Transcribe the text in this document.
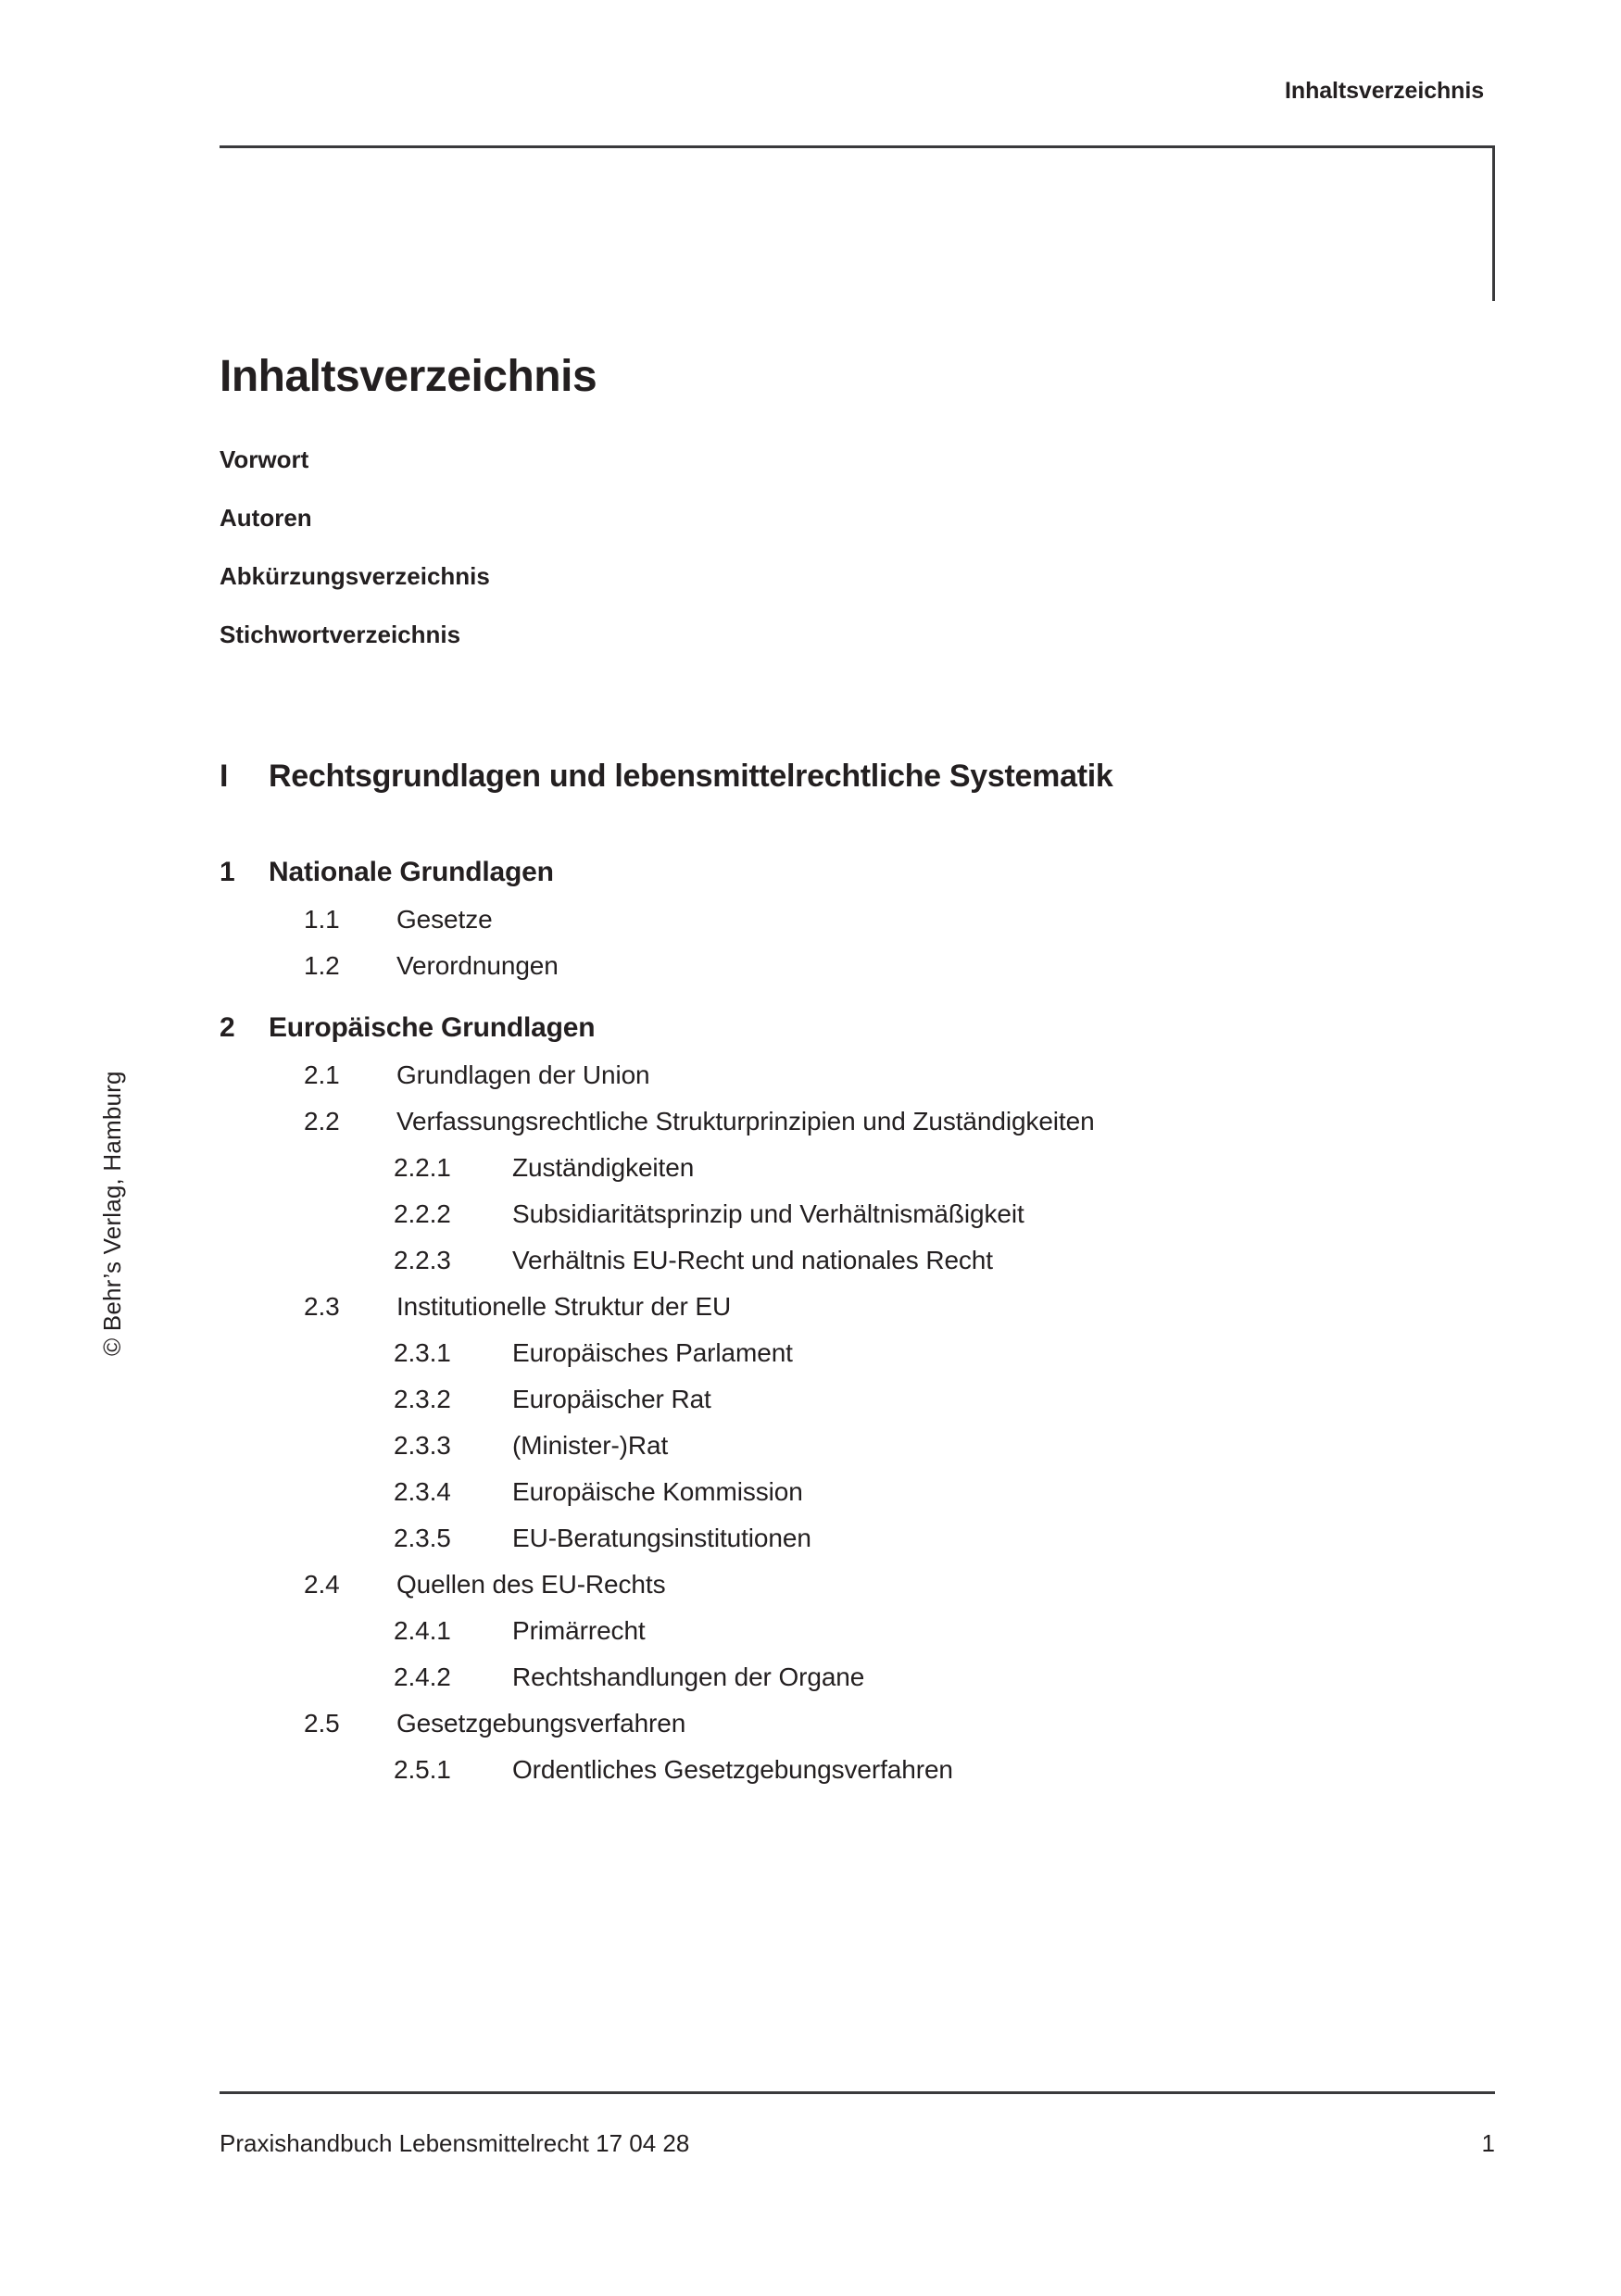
Inhaltsverzeichnis
© Behr’s Verlag, Hamburg
Inhaltsverzeichnis
Vorwort
Autoren
Abkürzungsverzeichnis
Stichwortverzeichnis
I	Rechtsgrundlagen und lebensmittelrechtliche Systematik
1	Nationale Grundlagen
1.1	Gesetze
1.2	Verordnungen
2	Europäische Grundlagen
2.1	Grundlagen der Union
2.2	Verfassungsrechtliche Strukturprinzipien und Zuständigkeiten
2.2.1	Zuständigkeiten
2.2.2	Subsidiaritätsprinzip und Verhältnismäßigkeit
2.2.3	Verhältnis EU-Recht und nationales Recht
2.3	Institutionelle Struktur der EU
2.3.1	Europäisches Parlament
2.3.2	Europäischer Rat
2.3.3	(Minister-)Rat
2.3.4	Europäische Kommission
2.3.5	EU-Beratungsinstitutionen
2.4	Quellen des EU-Rechts
2.4.1	Primärrecht
2.4.2	Rechtshandlungen der Organe
2.5	Gesetzgebungsverfahren
2.5.1	Ordentliches Gesetzgebungsverfahren
Praxishandbuch Lebensmittelrecht 17 04 28	1
